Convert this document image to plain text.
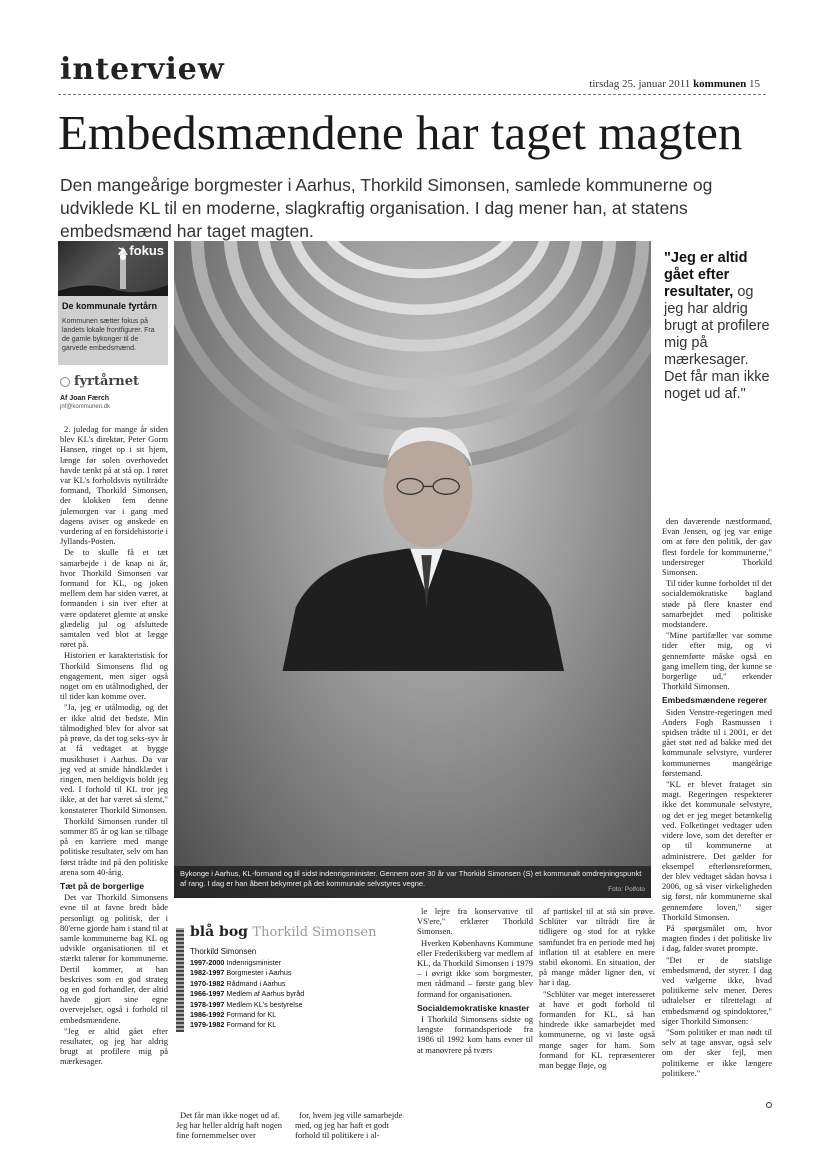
interview	tirsdag 25. januar 2011 kommunen 15
Embedsmændene har taget magten
Den mangeårige borgmester i Aarhus, Thorkild Simonsen, samlede kommunerne og udviklede KL til en moderne, slagkraftig organisation. I dag mener han, at statens embedsmænd har taget magten.
> fokus
De kommunale fyrtårn
Kommunen sætter fokus på landets lokale frontfigurer. Fra de gamle bykonger til de garvede embedsmænd.
fyrtårnet
Af Joan Færch
jnf@kommunen.dk

2. juledag for mange år siden blev KL's direktør, Peter Gorm Hansen, ringet op i sit hjem, længe før solen overhovedet havde tænkt på at stå op. I røret var KL's forholdsvis nytiltrådte formand, Thorkild Simonsen, der klokken fem denne julemorgen var i gang med dagens aviser og ønskede en vurdering af en forsidehistorie i Jyllands-Posten.

De to skulle få et tæt samarbejde i de knap ni år, hvor Thorkild Simonsen var formand for KL, og joken mellem dem har siden været, at formanden i sin iver efter at være opdateret glemte at ønske glædelig jul og afsluttede samtalen ved blot at lægge røret på.

Historien er karakteristisk for Thorkild Simonsens flid og engagement, men siger også noget om en utålmodighed, der til tider kan komme over.

"Ja, jeg er utålmodig, og det er ikke altid det bedste. Min tålmodighed blev for alvor sat på prøve, da det tog seks-syv år at få vedtaget at bygge musikhuset i Aarhus. Da var jeg ved at smide håndklædet i ringen, men heldigvis holdt jeg ved. I forhold til KL tror jeg ikke, at det har været så slemt," konstaterer Thorkild Simonsen.

Thorkild Simonsen runder til sommer 85 år og kan se tilbage på en karriere med mange politiske resultater, selv om han først trådte ind på den politiske arena som 40-årig.

Tæt på de borgerlige

Det var Thorkild Simonsens evne til at favne bredt både personligt og politisk, der i 80'erne gjorde ham i stand til at samle kommunerne bag KL og udvikle organisationen til et stærkt talerør for kommunerne. Dertil kommer, at han beskrives som en god strateg og en god forhandler, der altid havde gjort sine egne overvejelser, også i forhold til embedsmændene.

"Jeg er altid gået efter resultater, og jeg har aldrig brugt at profilere mig på mærkesager.

Bykonge i Aarhus, KL-formand og til sidst indenrigsminister. Gennem over 30 år var Thorkild Simonsen (S) et kommunalt omdrejningspunkt af rang. I dag er han åbent bekymret på det kommunale selvstyres vegne.
Foto: Polfoto
"Jeg er altid gået efter resultater, og jeg har aldrig brugt at profilere mig på mærkesager. Det får man ikke noget ud af."

den daværende næstformand, Evan Jensen, og jeg var enige om at føre den politik, der gav flest fordele for kommunerne," understreger Thorkild Simonsen.

Til tider kunne forholdet til det socialdemokratiske bagland støde på flere knaster end samarbejdet med politiske modstandere.

"Mine partifæller var somme tider efter mig, og vi gennemførte måske også en gang imellem ting, der kunne se borgerlige ud," erkender Thorkild Simonsen.

Embedsmændene regerer

Siden Venstre-regeringen med Anders Fogh Rasmussen i spidsen trådte til i 2001, er det gået støt ned ad bakke med det kommunale selvstyre, vurderer kommunernes mangeårige førstemand.

"KL er blevet frataget sin magt. Regeringen respekterer ikke det kommunale selvstyre, og det er jeg meget betænkelig ved. Folketinget vedtager uden videre love, som det derefter er op til kommunerne at administrere. Det gælder for eksempel efterlønsreformen, der blev vedtaget sådan hovsa i 2006, og så viser virkeligheden sig først, når kommunerne skal gennemføre loven," siger Thorkild Simonsen.

På spørgsmålet om, hvor magten findes i det politiske liv i dag, falder svaret prompte.

"Det er de statslige embedsmænd, der styrer. I dag ved vælgerne ikke, hvad politikerne selv mener. Deres udtalelser er tilrettelagt af embedsmænd og spindoktorer," siger Thorkild Simonsen:

"Som politiker er man nødt til selv at tage ansvar, også selv om der sker fejl, men politikerne er ikke længere politikere."

blå bog Thorkild Simonsen
Thorkild Simonsen
1997-2000 Indenrigsminister
1982-1997 Borgmester i Aarhus
1970-1982 Rådmand i Aarhus
1966-1997 Medlem af Aarhus byråd
1978-1997 Medlem KL's bestyrelse
1986-1992 Formand for KL
1979-1982 Formand for KL

Det får man ikke noget ud af. Jeg har heller aldrig haft nogen fine fornemmelser over

for, hvem jeg ville samarbejde med, og jeg har haft et godt forhold til politikere i al-

le lejre fra konservative til VS'ere," erklærer Thorkild Simonsen.

Hverken Københavns Kommune eller Frederiksberg var medlem af KL, da Thorkild Simonsen i 1979 – i øvrigt ikke som borgmester, men rådmand – første gang blev formand for organisationen.

Socialdemokratiske knaster

I Thorkild Simonsens sidste og længste formandsperiode fra 1986 til 1992 kom hans evner til at manøvrere på tværs

af partiskel til at stå sin prøve. Schlüter var tiltrådt fire år tidligere og stod for at rykke samfundet fra en periode med høj inflation til at etablere en mere stabil økonomi. En situation, der på mange måder ligner den, vi har i dag.

"Schlüter var meget interesseret at have et godt forhold til formanden for KL, så han hindrede ikke samarbejdet med kommunerne, og vi løste også mange sager for ham. Som formand for KL repræsenterer man begge fløje, og
